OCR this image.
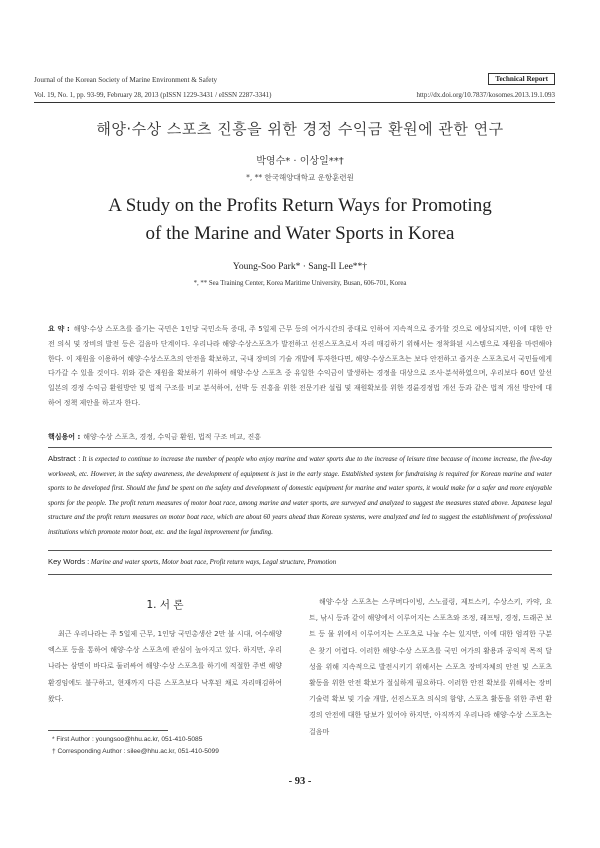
Journal of the Korean Society of Marine Environment & Safety
Vol. 19, No. 1, pp. 93-99, February 28, 2013 (pISSN 1229-3431 / eISSN 2287-3341)
Technical Report
http://dx.doi.org/10.7837/kosomes.2013.19.1.093
해양·수상 스포츠 진흥을 위한 경정 수익금 환원에 관한 연구
박영수* · 이상일**†
*, ** 한국해양대학교 운항훈련원
A Study on the Profits Return Ways for Promoting
of the Marine and Water Sports in Korea
Young-Soo Park* · Sang-Il Lee**†
*, ** Sea Training Center, Korea Maritime University, Busan, 606-701, Korea
요 약 : 해양·수상 스포츠를 즐기는 국민은 1인당 국민소득 증대, 주 5일제 근무 등의 여가시간의 증대로 인하여 지속적으로 증가할 것으로 예상되지만, 이에 대한 안전 의식 및 장비의 발전 등은 걸음마 단계이다. 우리나라 해양·수상스포츠가 발전하고 선진스포츠로서 자리 매김하기 위해서는 정착화된 시스템으로 재원을 마련해야 한다. 이 재원을 이용하여 해양·수상스포츠의 안전을 확보하고, 국내 장비의 기술 개발에 투자한다면, 해양·수상스포츠는 보다 안전하고 즐거운 스포츠로서 국민들에게 다가갈 수 있을 것이다. 위와 같은 재원을 확보하기 위하여 해양·수상 스포츠 중 유일한 수익금이 발생하는 경정을 대상으로 조사·분석하였으며, 우리보다 60년 앞선 일본의 경정 수익금 환원방안 및 법적 구조를 비교 분석하여, 선박 등 진흥을 위한 전문기관 설립 및 재원확보를 위한 경륜경정법 개선 등과 같은 법적 개선 방안에 대하여 정책 제안을 하고자 한다.
핵심용어 : 해양·수상 스포츠, 경정, 수익금 환원, 법적 구조 비교, 진흥
Abstract : It is expected to continue to increase the number of people who enjoy marine and water sports due to the increase of leisure time because of income increase, the five-day workweek, etc. However, in the safety awareness, the development of equipment is just in the early stage. Established system for fundraising is required for Korean marine and water sports to be developed first. Should the fund be spent on the safety and development of domestic equipment for marine and water sports, it would make for a safer and more enjoyable sports for the people. The profit return measures of motor boat race, among marine and water sports, are surveyed and analyzed to suggest the measures stated above. Japanese legal structure and the profit return measures on motor boat race, which are about 60 years ahead than Korean systems, were analyzed and led to suggest the establishment of professional institutions which promote motor boat, etc. and the legal improvement for funding.
Key Words : Marine and water sports, Motor boat race, Profit return ways, Legal structure, Promotion
1. 서 론
최근 우리나라는 주 5일제 근무, 1인당 국민총생산 2만 불 시대, 여수해양엑스포 등을 통하여 해양·수상 스포츠에 관심이 높아지고 있다. 하지만, 우리나라는 삼면이 바다로 둘러싸여 해양·수상 스포츠를 하기에 적절한 주변 해양 환경임에도 불구하고, 현재까지 다른 스포츠보다 낙후된 채로 자리매김하여 왔다.
해양·수상 스포츠는 스쿠버다이빙, 스노클링, 제트스키, 수상스키, 카약, 요트, 낚시 등과 같이 해양에서 이루어지는 스포츠와 조정, 래프팅, 경정, 드래곤 보트 등 물 위에서 이루어지는 스포츠로 나눌 수는 있지만, 이에 대한 엄격한 구분은 찾기 어렵다. 이러한 해양·수상 스포츠를 국민 여가의 활용과 공익적 목적 달성을 위해 지속적으로 발전시키기 위해서는 스포츠 장비자체의 안전 및 스포츠 활동을 위한 안전 확보가 절실하게 필요하다. 이러한 안전 확보를 위해서는 장비 기술력 확보 및 기술 개발, 선진스포츠 의식의 함양, 스포츠 활동을 위한 주변 환경의 안전에 대한 담보가 있어야 하지만, 아직까지 우리나라 해양·수상 스포츠는 걸음마
* First Author : youngsoo@hhu.ac.kr, 051-410-5085
† Corresponding Author : silee@hhu.ac.kr, 051-410-5099
- 93 -
